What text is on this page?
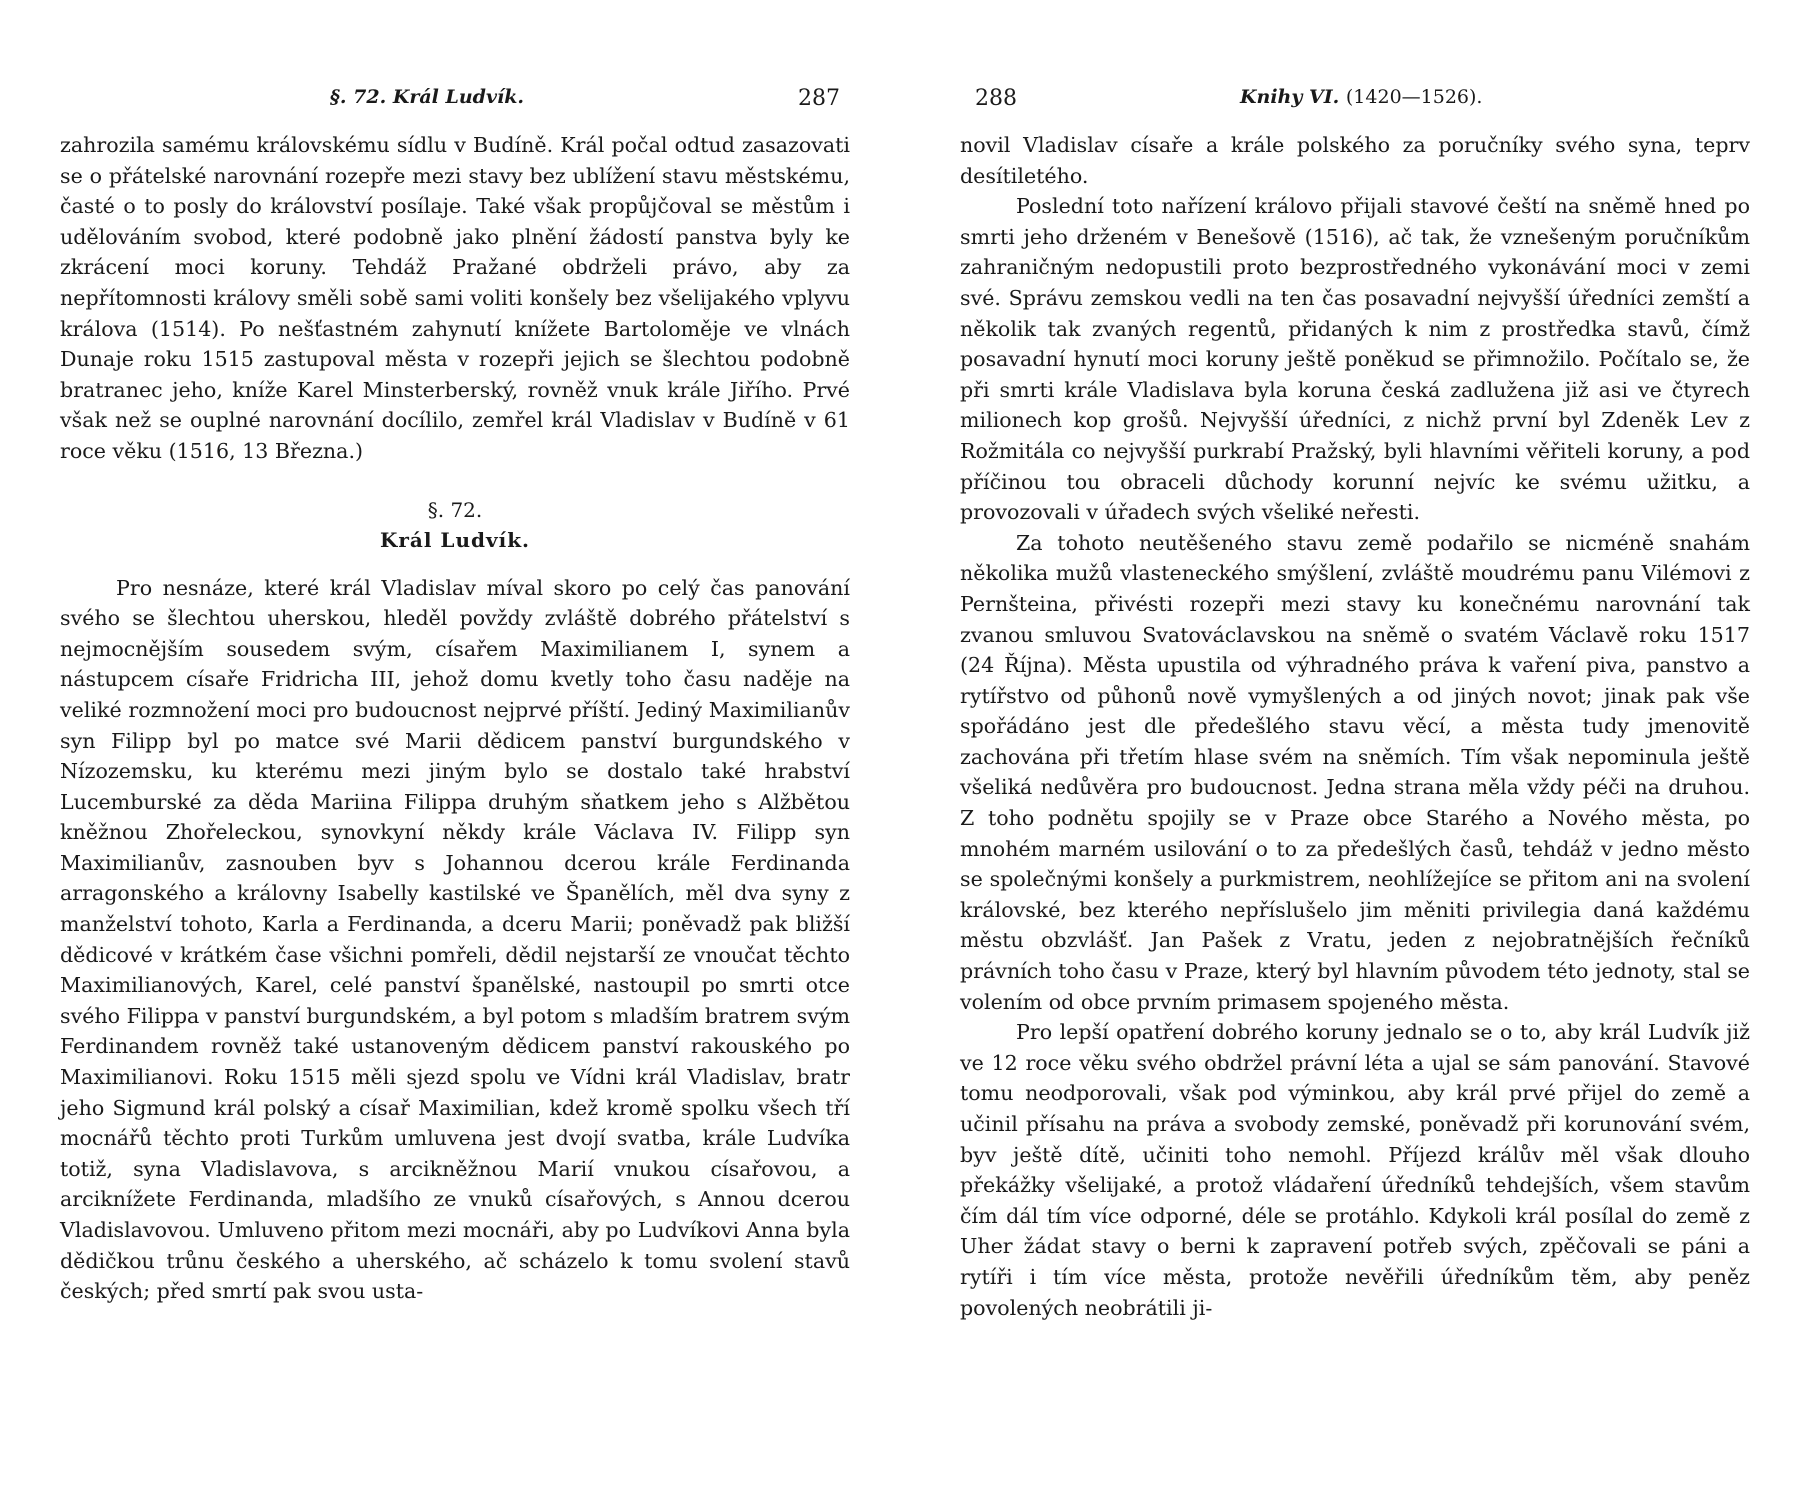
§. 72. Král Ludvík.	287

zahrozila samému královskému sídlu v Budíně. Král počal odtud zasazovati se o přátelské narovnání rozepře mezi stavy bez ublížení stavu městskému, časté o to posly do království posílaje. Také však propůjčoval se městům i udělováním svobod, které podobně jako plnění žádostí panstva byly ke zkrácení moci koruny. Tehdáž Pražané obdrželi právo, aby za nepřítomnosti královy směli sobě sami voliti konšely bez všelijakého vplyvu králova (1514). Po nešťastném zahynutí knížete Bartoloměje ve vlnách Dunaje roku 1515 zastupoval města v rozepři jejich se šlechtou podobně bratranec jeho, kníže Karel Minsterberský, rovněž vnuk krále Jiřího. Prvé však než se ouplné narovnání docílilo, zemřel král Vladislav v Budíně v 61 roce věku (1516, 13 Března.)

§. 72.
Král Ludvík.

Pro nesnáze, které král Vladislav míval skoro po celý čas panování svého se šlechtou uherskou, hleděl povždy zvláště dobrého přátelství s nejmocnějším sousedem svým, císařem Maximilianem I, synem a nástupcem císaře Fridricha III, jehož domu kvetly toho času naděje na veliké rozmnožení moci pro budoucnost nejprvé příští. Jediný Maximilianův syn Filipp byl po matce své Marii dědicem panství burgundského v Nízozemsku, ku kterému mezi jiným bylo se dostalo také hrabství Lucemburské za děda Mariina Filippa druhým sňatkem jeho s Alžbětou kněžnou Zhořeleckou, synovkyní někdy krále Václava IV. Filipp syn Maximilianův, zasnouben byv s Johannou dcerou krále Ferdinanda arragonského a královny Isabelly kastilské ve Španělích, měl dva syny z manželství tohoto, Karla a Ferdinanda, a dceru Marii; poněvadž pak bližší dědicové v krátkém čase všichni pomřeli, dědil nejstarší ze vnoučat těchto Maximilianových, Karel, celé panství španělské, nastoupil po smrti otce svého Filippa v panství burgundském, a byl potom s mladším bratrem svým Ferdinandem rovněž také ustanoveným dědicem panství rakouského po Maximilianovi. Roku 1515 měli sjezd spolu ve Vídni král Vladislav, bratr jeho Sigmund král polský a císař Maximilian, kdež kromě spolku všech tří mocnářů těchto proti Turkům umluvena jest dvojí svatba, krále Ludvíka totiž, syna Vladislavova, s arcikněžnou Marií vnukou císařovou, a arciknížete Ferdinanda, mladšího ze vnuků císařových, s Annou dcerou Vladislavovou. Umluveno přitom mezi mocnáři, aby po Ludvíkovi Anna byla dědičkou trůnu českého a uherského, ač scházelo k tomu svolení stavů českých; před smrtí pak svou usta-

288	Knihy VI. (1420—1526).

novil Vladislav císaře a krále polského za poručníky svého syna, teprv desítiletého.

Poslední toto nařízení královo přijali stavové čeští na sněmě hned po smrti jeho drženém v Benešově (1516), ač tak, že vznešeným poručníkům zahraničným nedopustili proto bezprostředného vykonávání moci v zemi své. Správu zemskou vedli na ten čas posavadní nejvyšší úředníci zemští a několik tak zvaných regentů, přidaných k nim z prostředka stavů, čímž posavadní hynutí moci koruny ještě poněkud se přimnožilo. Počítalo se, že při smrti krále Vladislava byla koruna česká zadlužena již asi ve čtyrech milionech kop grošů. Nejvyšší úředníci, z nichž první byl Zdeněk Lev z Rožmitála co nejvyšší purkrabí Pražský, byli hlavními věřiteli koruny, a pod příčinou tou obraceli důchody korunní nejvíc ke svému užitku, a provozovali v úřadech svých všeliké neřesti.

Za tohoto neutěšeného stavu země podařilo se nicméně snahám několika mužů vlasteneckého smýšlení, zvláště moudrému panu Vilémovi z Pernšteina, přivésti rozepři mezi stavy ku konečnému narovnání tak zvanou smluvou Svatováclavskou na sněmě o svatém Václavě roku 1517 (24 Října). Města upustila od výhradného práva k vaření piva, panstvo a rytířstvo od půhonů nově vymyšlených a od jiných novot; jinak pak vše spořádáno jest dle předešlého stavu věcí, a města tudy jmenovitě zachována při třetím hlase svém na sněmích. Tím však nepominula ještě všeliká nedůvěra pro budoucnost. Jedna strana měla vždy péči na druhou. Z toho podnětu spojily se v Praze obce Starého a Nového města, po mnohém marném usilování o to za předešlých časů, tehdáž v jedno město se společnými konšely a purkmistrem, neohlížejíce se přitom ani na svolení královské, bez kterého nepříslušelo jim měniti privilegia daná každému městu obzvlášť. Jan Pašek z Vratu, jeden z nejobratnějších řečníků právních toho času v Praze, který byl hlavním původem této jednoty, stal se volením od obce prvním primasem spojeného města.

Pro lepší opatření dobrého koruny jednalo se o to, aby král Ludvík již ve 12 roce věku svého obdržel právní léta a ujal se sám panování. Stavové tomu neodporovali, však pod výminkou, aby král prvé přijel do země a učinil přísahu na práva a svobody zemské, poněvadž při korunování svém, byv ještě dítě, učiniti toho nemohl. Příjezd králův měl však dlouho překážky všelijaké, a protož vládaření úředníků tehdejších, všem stavům čím dál tím více odporné, déle se protáhlo. Kdykoli král posílal do země z Uher žádat stavy o berni k zapravení potřeb svých, zpěčovali se páni a rytíři i tím více města, protože nevěřili úředníkům těm, aby peněz povolených neobrátili ji-
